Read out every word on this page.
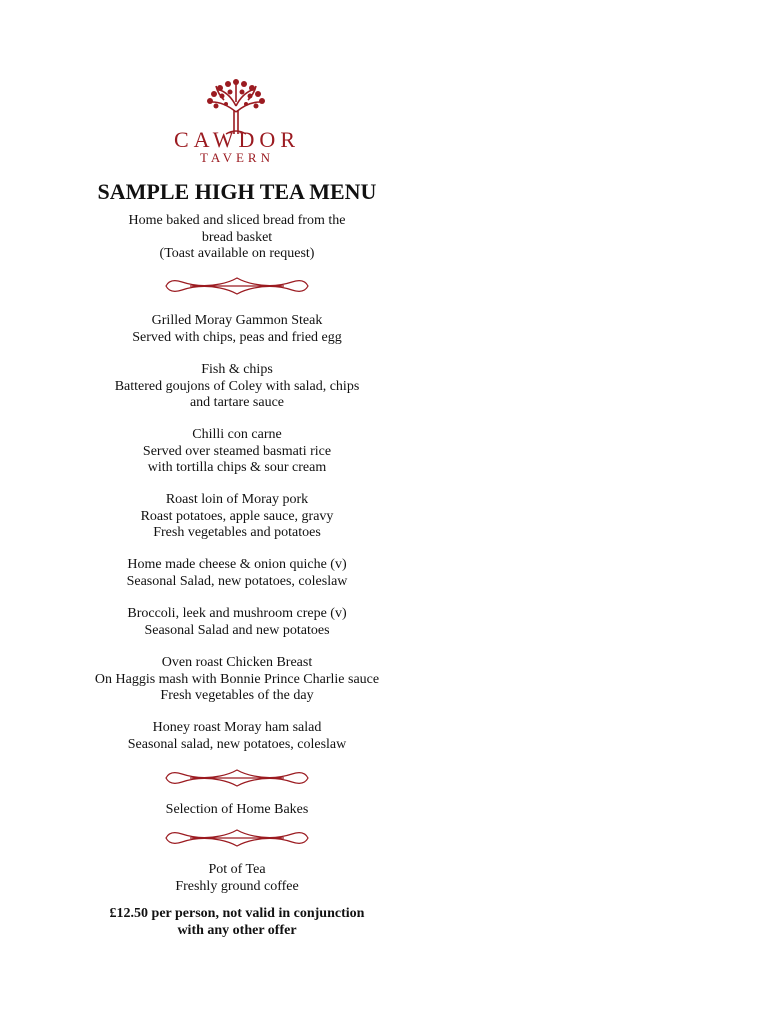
CAWDOR
TAVERN
SAMPLE HIGH TEA MENU
Home baked and sliced bread from the
bread basket
(Toast available on request)
Grilled Moray Gammon Steak
Served with chips, peas and fried egg
Fish & chips
Battered goujons of Coley with salad, chips
and tartare sauce
Chilli con carne
Served over steamed basmati rice
with tortilla chips & sour cream
Roast loin of Moray pork
Roast potatoes, apple sauce, gravy
Fresh vegetables and potatoes
Home made cheese & onion quiche (v)
Seasonal Salad, new potatoes, coleslaw
Broccoli, leek and mushroom crepe (v)
Seasonal Salad and new potatoes
Oven roast Chicken Breast
On Haggis mash with Bonnie Prince Charlie sauce
Fresh vegetables of the day
Honey roast Moray ham salad
Seasonal salad, new potatoes, coleslaw
Selection of Home Bakes
Pot of Tea
Freshly ground coffee
£12.50 per person, not valid in conjunction
with any other offer
